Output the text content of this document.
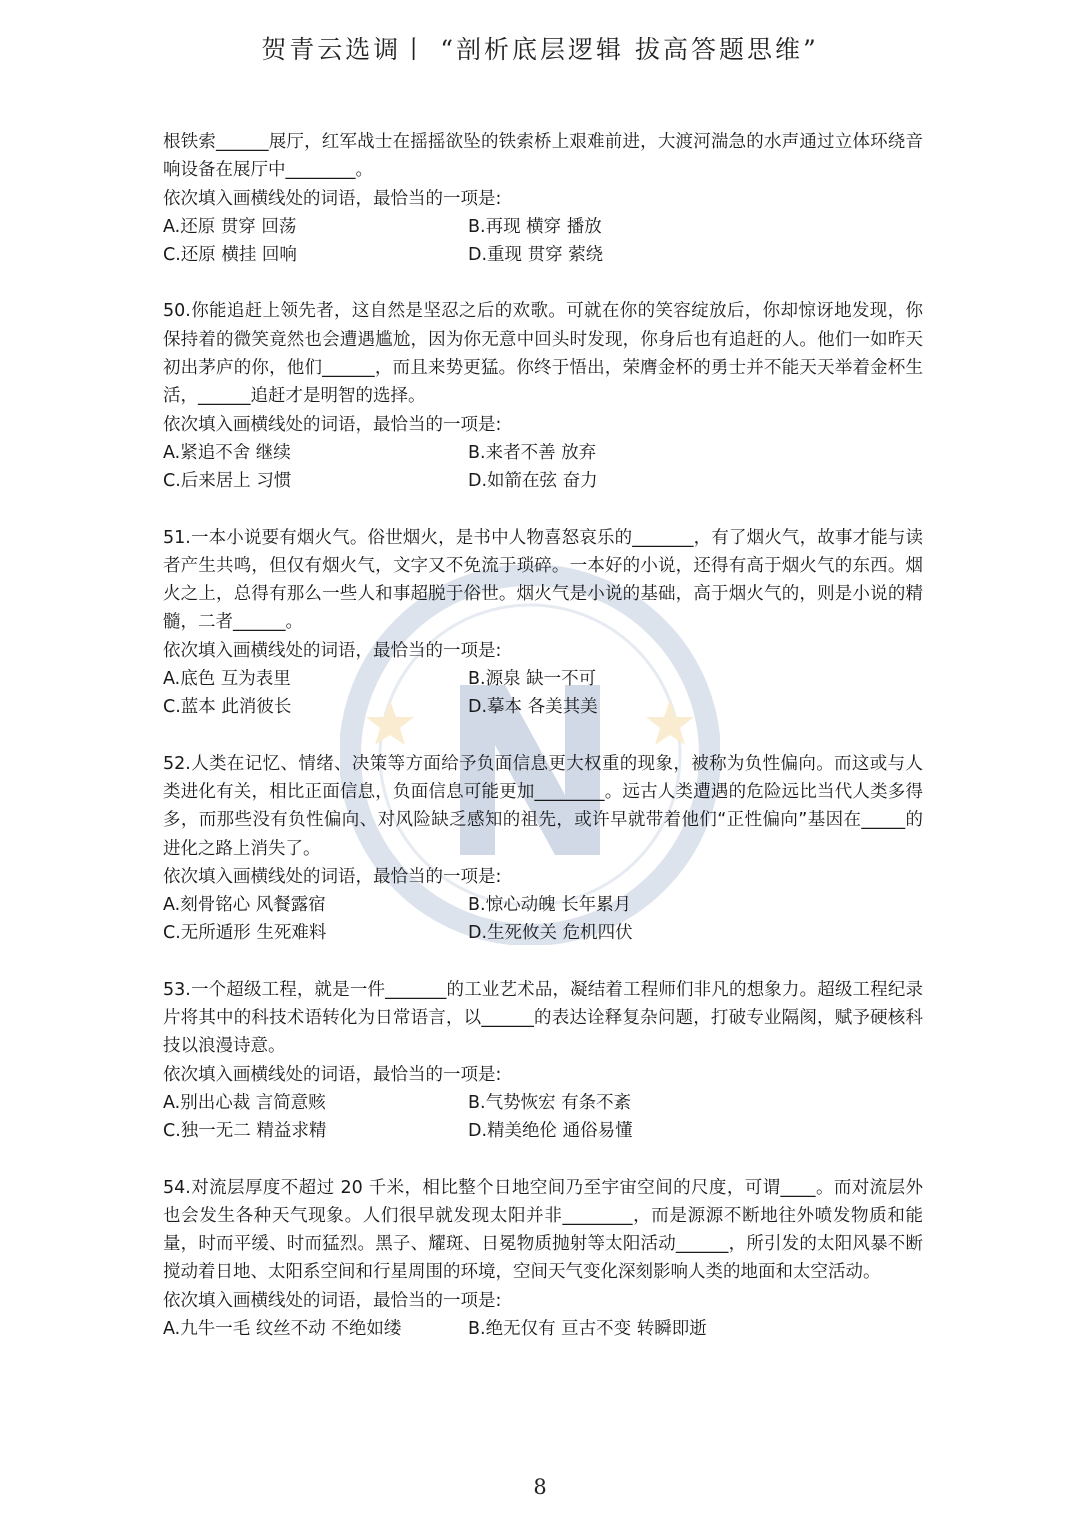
贺青云选调丨 “剖析底层逻辑 拔高答题思维”

根铁索______展厅，红军战士在摇摇欲坠的铁索桥上艰难前进，大渡河湍急的水声通过立体环绕音响设备在展厅中________。

依次填入画横线处的词语，最恰当的一项是:

A.还原 贯穿 回荡	B.再现 横穿 播放
C.还原 横挂 回响	D.重现 贯穿 萦绕

50.你能追赶上领先者，这自然是坚忍之后的欢歌。可就在你的笑容绽放后，你却惊讶地发现，你保持着的微笑竟然也会遭遇尴尬，因为你无意中回头时发现，你身后也有追赶的人。他们一如昨天初出茅庐的你，他们______，而且来势更猛。你终于悟出，荣膺金杯的勇士并不能天天举着金杯生活，______追赶才是明智的选择。

依次填入画横线处的词语，最恰当的一项是:

A.紧追不舍 继续	B.来者不善 放弃
C.后来居上 习惯	D.如箭在弦 奋力

51.一本小说要有烟火气。俗世烟火，是书中人物喜怒哀乐的_______，有了烟火气，故事才能与读者产生共鸣，但仅有烟火气，文字又不免流于琐碎。一本好的小说，还得有高于烟火气的东西。烟火之上，总得有那么一些人和事超脱于俗世。烟火气是小说的基础，高于烟火气的，则是小说的精髓，二者______。

依次填入画横线处的词语，最恰当的一项是:

A.底色 互为表里	B.源泉 缺一不可
C.蓝本 此消彼长	D.摹本 各美其美

52.人类在记忆、情绪、决策等方面给予负面信息更大权重的现象，被称为负性偏向。而这或与人类进化有关，相比正面信息，负面信息可能更加________。远古人类遭遇的危险远比当代人类多得多，而那些没有负性偏向、对风险缺乏感知的祖先，或许早就带着他们“正性偏向”基因在_____的进化之路上消失了。

依次填入画横线处的词语，最恰当的一项是:

A.刻骨铭心 风餐露宿	B.惊心动魄 长年累月
C.无所遁形 生死难料	D.生死攸关 危机四伏

53.一个超级工程，就是一件_______的工业艺术品，凝结着工程师们非凡的想象力。超级工程纪录片将其中的科技术语转化为日常语言，以______的表达诠释复杂问题，打破专业隔阂，赋予硬核科技以浪漫诗意。

依次填入画横线处的词语，最恰当的一项是:

A.别出心裁 言简意赅	B.气势恢宏 有条不紊
C.独一无二 精益求精	D.精美绝伦 通俗易懂

54.对流层厚度不超过 20 千米，相比整个日地空间乃至宇宙空间的尺度，可谓____。而对流层外也会发生各种天气现象。人们很早就发现太阳并非________，而是源源不断地往外喷发物质和能量，时而平缓、时而猛烈。黑子、耀斑、日冕物质抛射等太阳活动______，所引发的太阳风暴不断搅动着日地、太阳系空间和行星周围的环境，空间天气变化深刻影响人类的地面和太空活动。

依次填入画横线处的词语，最恰当的一项是:

A.九牛一毛 纹丝不动 不绝如缕	B.绝无仅有 亘古不变 转瞬即逝
8
